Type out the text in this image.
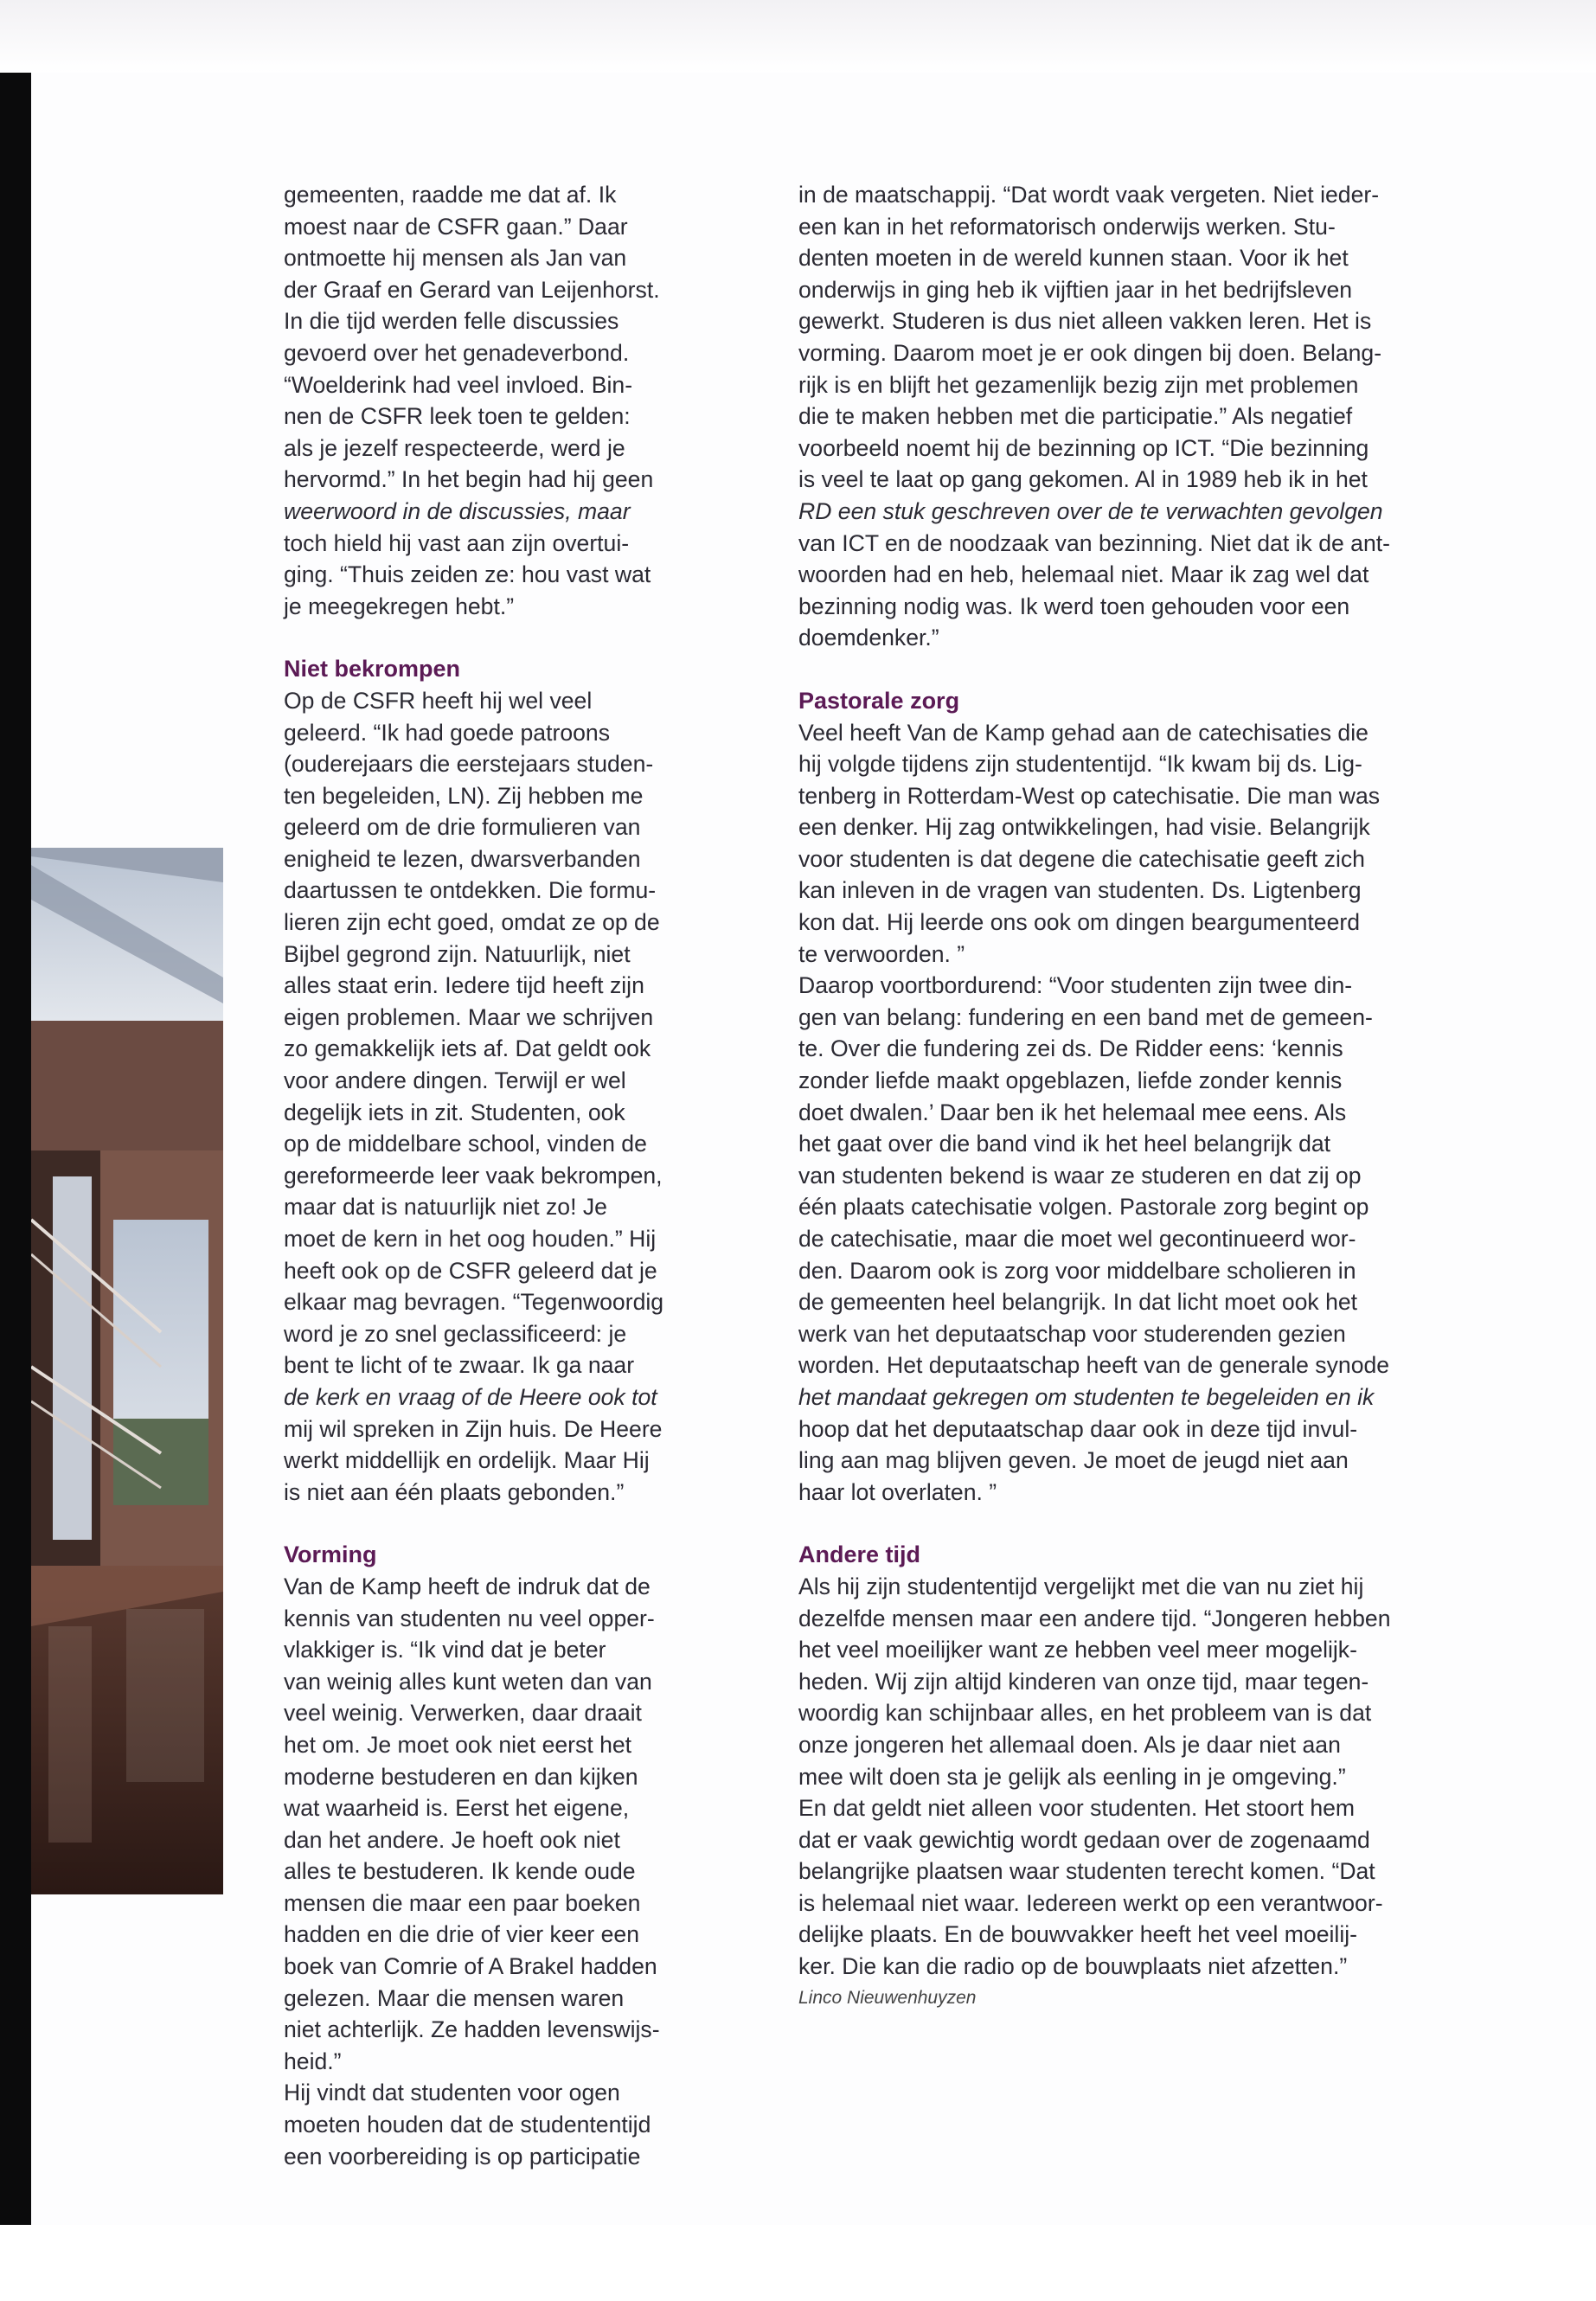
gemeenten, raadde me dat af. Ik

moest naar de CSFR gaan.” Daar

ontmoette hij mensen als Jan van

der Graaf en Gerard van Leijenhorst.

In die tijd werden felle discussies

gevoerd over het genadeverbond.

“Woelderink had veel invloed. Bin-

nen de CSFR leek toen te gelden:

als je jezelf respecteerde, werd je

hervormd.” In het begin had hij geen

weerwoord in de discussies, maar

toch hield hij vast aan zijn overtui-

ging. “Thuis zeiden ze: hou vast wat

je meegekregen hebt.”

Niet bekrompen

Op de CSFR heeft hij wel veel

geleerd. “Ik had goede patroons

(ouderejaars die eerstejaars studen-

ten begeleiden, LN). Zij hebben me

geleerd om de drie formulieren van

enigheid te lezen, dwarsverbanden

daartussen te ontdekken. Die formu-

lieren zijn echt goed, omdat ze op de

Bijbel gegrond zijn. Natuurlijk, niet

alles staat erin. Iedere tijd heeft zijn

eigen problemen. Maar we schrijven

zo gemakkelijk iets af. Dat geldt ook

voor andere dingen. Terwijl er wel

degelijk iets in zit. Studenten, ook

op de middelbare school, vinden de

gereformeerde leer vaak bekrompen,

maar dat is natuurlijk niet zo! Je

moet de kern in het oog houden.” Hij

heeft ook op de CSFR geleerd dat je

elkaar mag bevragen. “Tegenwoordig

word je zo snel geclassificeerd: je

bent te licht of te zwaar. Ik ga naar

de kerk en vraag of de Heere ook tot

mij wil spreken in Zijn huis. De Heere

werkt middellijk en ordelijk. Maar Hij

is niet aan één plaats gebonden.”

Vorming

Van de Kamp heeft de indruk dat de

kennis van studenten nu veel opper-

vlakkiger is. “Ik vind dat je beter

van weinig alles kunt weten dan van

veel weinig. Verwerken, daar draait

het om. Je moet ook niet eerst het

moderne bestuderen en dan kijken

wat waarheid is. Eerst het eigene,

dan het andere. Je hoeft ook niet

alles te bestuderen. Ik kende oude

mensen die maar een paar boeken

hadden en die drie of vier keer een

boek van Comrie of A Brakel hadden

gelezen. Maar die mensen waren

niet achterlijk. Ze hadden levenswijs-

heid.”

Hij vindt dat studenten voor ogen

moeten houden dat de studententijd

een voorbereiding is op participatie

in de maatschappij. “Dat wordt vaak vergeten. Niet ieder-

een kan in het reformatorisch onderwijs werken. Stu-

denten moeten in de wereld kunnen staan. Voor ik het

onderwijs in ging heb ik vijftien jaar in het bedrijfsleven

gewerkt. Studeren is dus niet alleen vakken leren. Het is

vorming. Daarom moet je er ook dingen bij doen. Belang-

rijk is en blijft het gezamenlijk bezig zijn met problemen

die te maken hebben met die participatie.” Als negatief

voorbeeld noemt hij de bezinning op ICT. “Die bezinning

is veel te laat op gang gekomen. Al in 1989 heb ik in het

RD een stuk geschreven over de te verwachten gevolgen

van ICT en de noodzaak van bezinning. Niet dat ik de ant-

woorden had en heb, helemaal niet. Maar ik zag wel dat

bezinning nodig was. Ik werd toen gehouden voor een

doemdenker.”

Pastorale zorg

Veel heeft Van de Kamp gehad aan de catechisaties die

hij volgde tijdens zijn studententijd. “Ik kwam bij ds. Lig-

tenberg in Rotterdam-West op catechisatie. Die man was

een denker. Hij zag ontwikkelingen, had visie. Belangrijk

voor studenten is dat degene die catechisatie geeft zich

kan inleven in de vragen van studenten. Ds. Ligtenberg

kon dat. Hij leerde ons ook om dingen beargumenteerd

te verwoorden. ”

Daarop voortbordurend: “Voor studenten zijn twee din-

gen van belang: fundering en een band met de gemeen-

te. Over die fundering zei ds. De Ridder eens: ‘kennis

zonder liefde maakt opgeblazen, liefde zonder kennis

doet dwalen.’ Daar ben ik het helemaal mee eens. Als

het gaat over die band vind ik het heel belangrijk dat

van studenten bekend is waar ze studeren en dat zij op

één plaats catechisatie volgen. Pastorale zorg begint op

de catechisatie, maar die moet wel gecontinueerd wor-

den. Daarom ook is zorg voor middelbare scholieren in

de gemeenten heel belangrijk. In dat licht moet ook het

werk van het deputaatschap voor studerenden gezien

worden. Het deputaatschap heeft van de generale synode

het mandaat gekregen om studenten te begeleiden en ik

hoop dat het deputaatschap daar ook in deze tijd invul-

ling aan mag blijven geven. Je moet de jeugd niet aan

haar lot overlaten. ”

Andere tijd

Als hij zijn studententijd vergelijkt met die van nu ziet hij

dezelfde mensen maar een andere tijd. “Jongeren hebben

het veel moeilijker want ze hebben veel meer mogelijk-

heden. Wij zijn altijd kinderen van onze tijd, maar tegen-

woordig kan schijnbaar alles, en het probleem van is dat

onze jongeren het allemaal doen. Als je daar niet aan

mee wilt doen sta je gelijk als eenling in je omgeving.”

En dat geldt niet alleen voor studenten. Het stoort hem

dat er vaak gewichtig wordt gedaan over de zogenaamd

belangrijke plaatsen waar studenten terecht komen. “Dat

is helemaal niet waar. Iedereen werkt op een verantwoor-

delijke plaats. En de bouwvakker heeft het veel moeilij-

ker. Die kan die radio op de bouwplaats niet afzetten.”

Linco Nieuwenhuyzen
